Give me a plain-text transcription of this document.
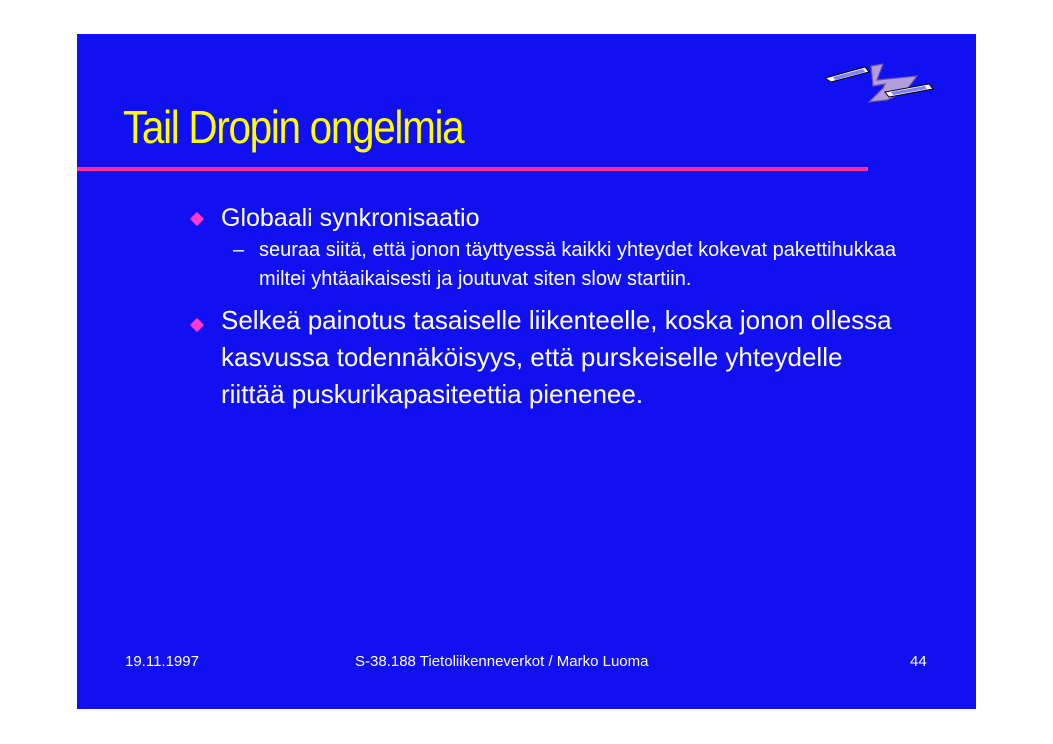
Tail Dropin ongelmia
Globaali synkronisaatio
– seuraa siitä, että jonon täyttyessä kaikki yhteydet kokevat pakettihukkaa miltei yhtäaikaisesti ja joutuvat siten slow startiin.
Selkeä painotus tasaiselle liikenteelle, koska jonon ollessa kasvussa todennäköisyys, että purskeiselle yhteydelle riittää puskurikapasiteettia pienenee.
19.11.1997	S-38.188 Tietoliikenneverkot / Marko Luoma	44
